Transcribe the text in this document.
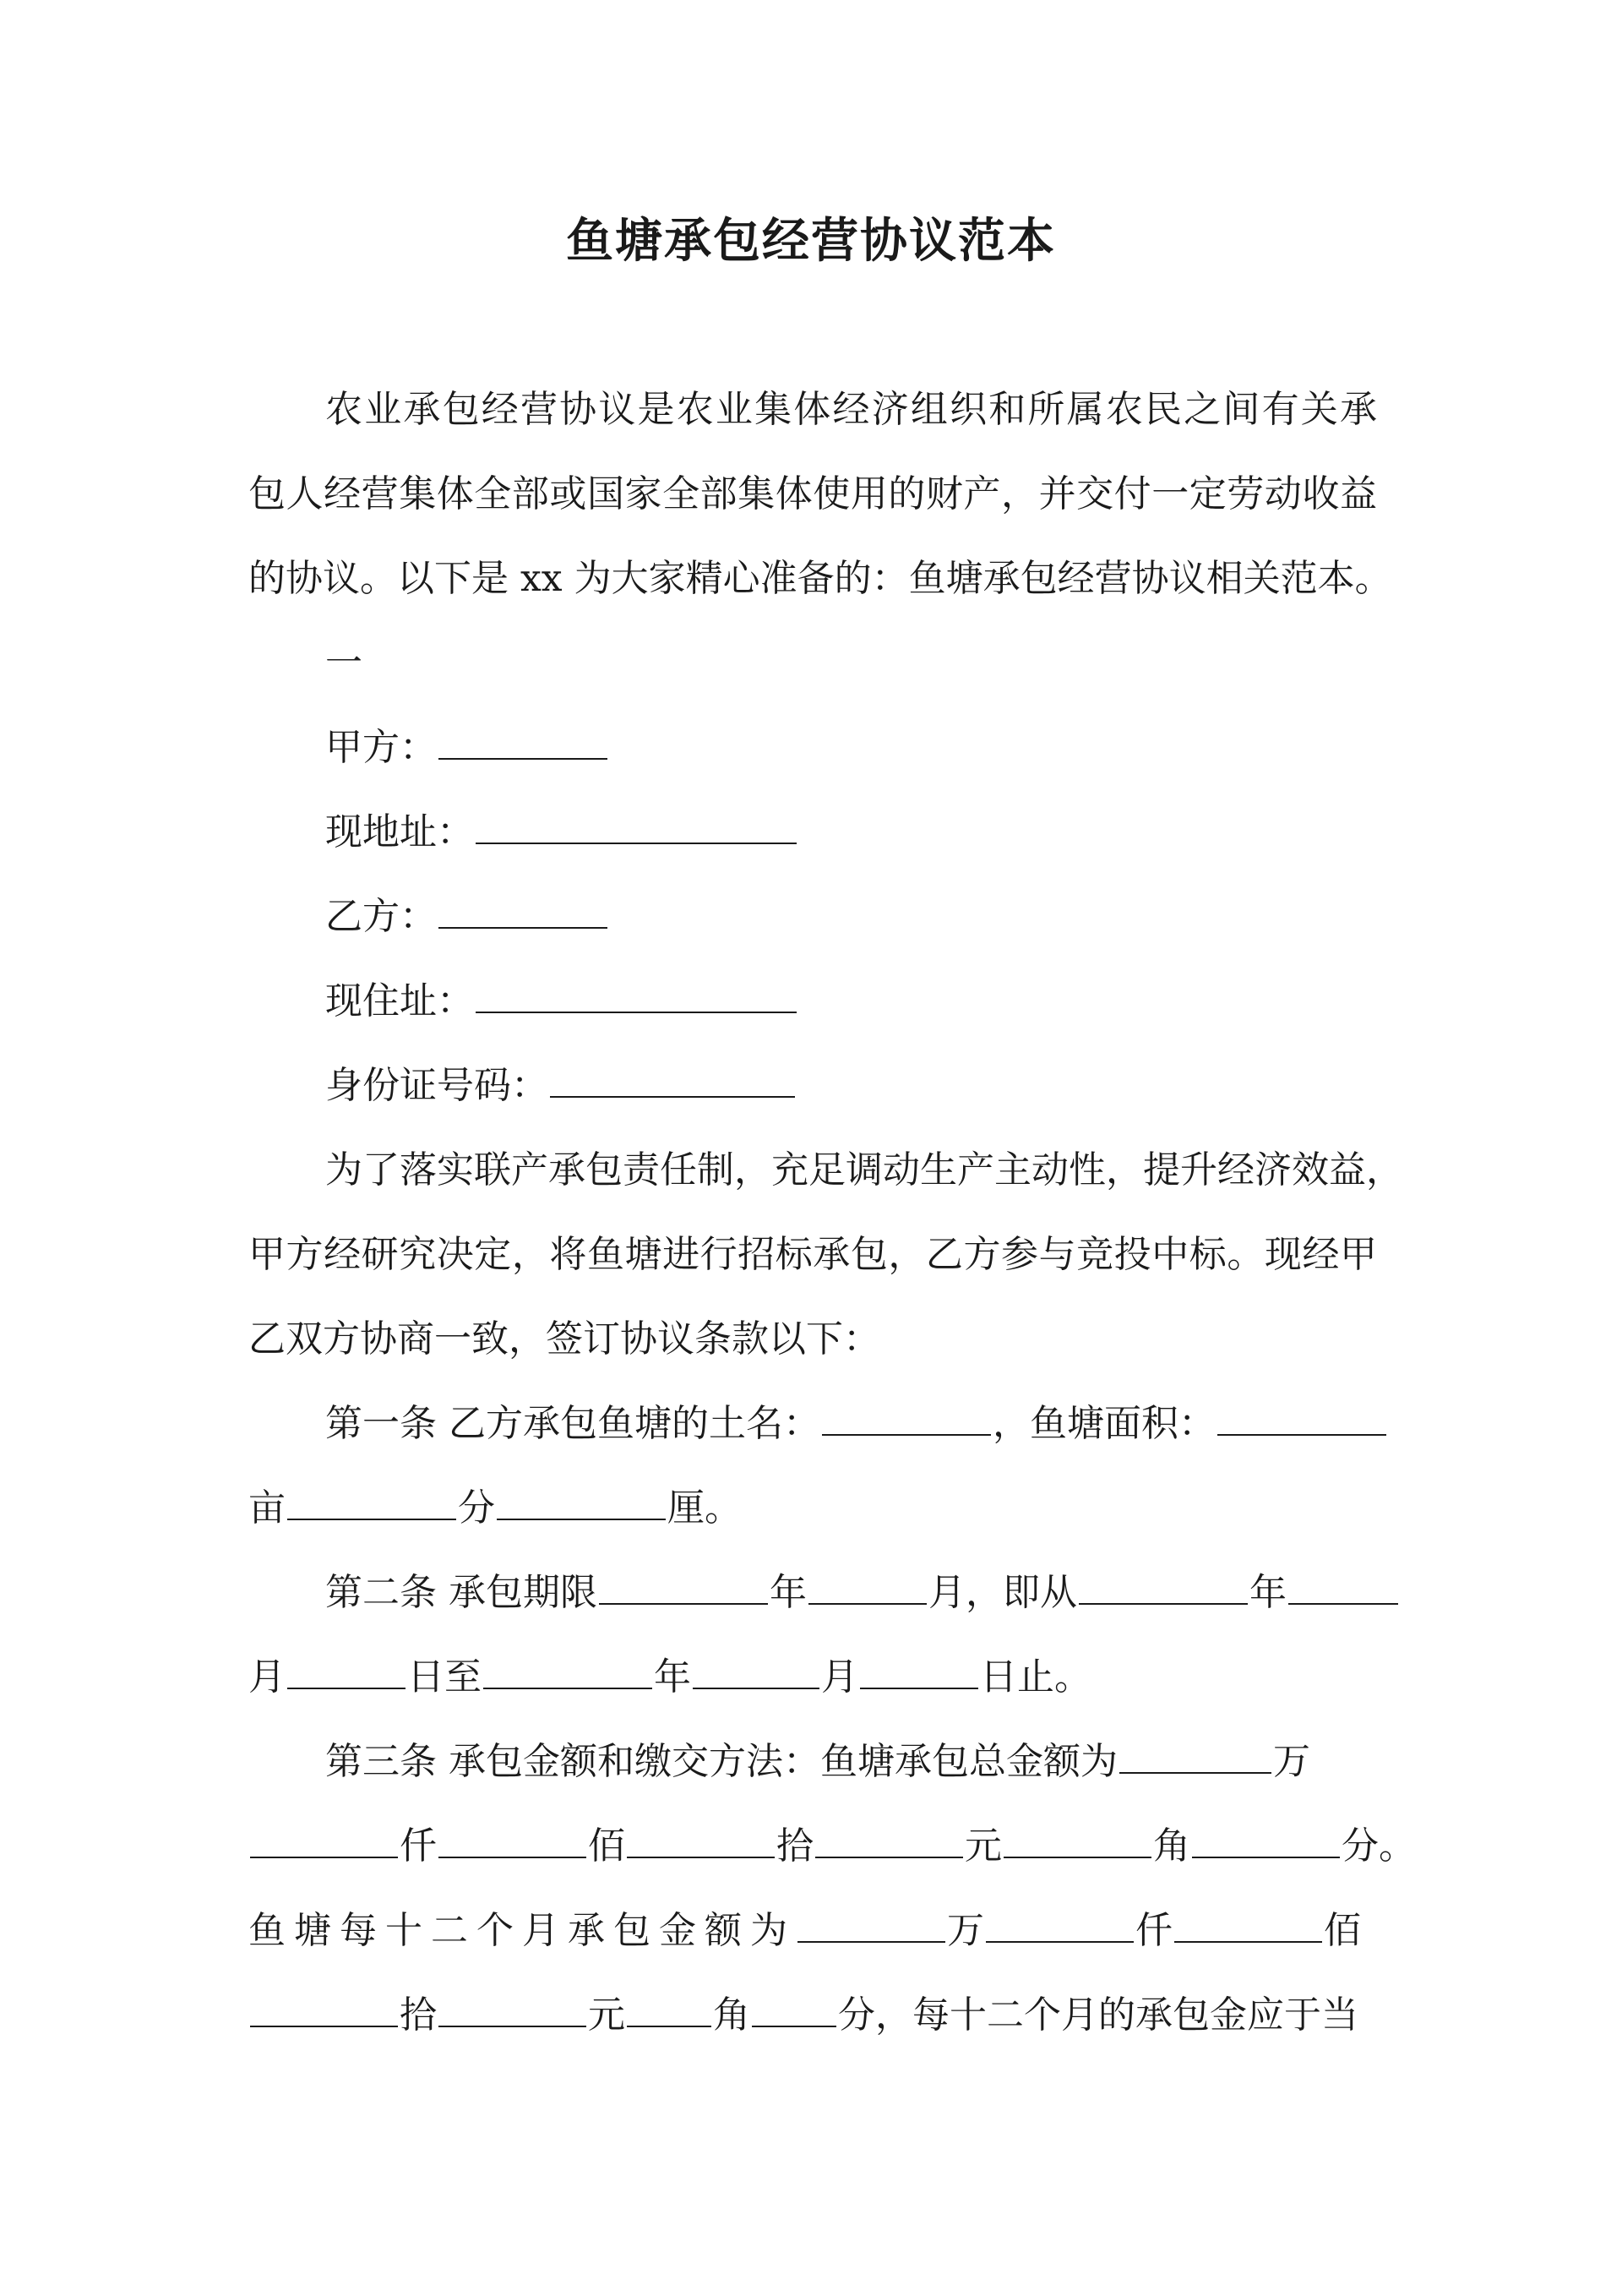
鱼塘承包经营协议范本
农业承包经营协议是农业集体经济组织和所属农民之间有关承
包人经营集体全部或国家全部集体使用的财产，并交付一定劳动收益
的协议。以下是 xx 为大家精心准备的：鱼塘承包经营协议相关范本。
一
甲方：
现地址：
乙方：
现住址：
身份证号码：
为了落实联产承包责任制，充足调动生产主动性，提升经济效益，
甲方经研究决定，将鱼塘进行招标承包，乙方参与竞投中标。现经甲
乙双方协商一致，签订协议条款以下：
第一条 乙方承包鱼塘的土名：	，鱼塘面积：
亩	分	厘。
第二条 承包期限	年	月，即从	年
月	日至	年	月	日止。
第三条 承包金额和缴交方法：鱼塘承包总金额为	万
仟	佰	拾	元	角	分。
鱼塘每十二个月承包金额为	万	仟	佰
拾	元 角 分，每十二个月的承包金应于当
